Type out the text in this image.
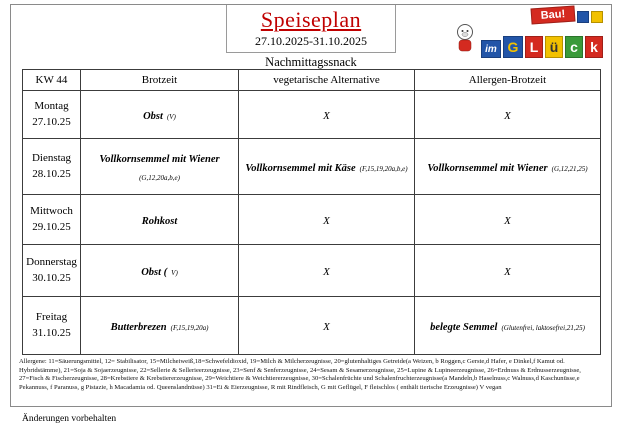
Speiseplan
27.10.2025-31.10.2025
Bau!
im G L ü c k
Nachmittagssnack
KW 44	Brotzeit	vegetarische Alternative	Allergen-Brotzeit

Montag
27.10.25	Obst (V)	X	X

Dienstag
28.10.25	Vollkornsemmel mit Wiener (G,12,20a,b,e)	Vollkornsemmel mit Käse (F,15,19,20a,b,e)	Vollkornsemmel mit Wiener (G,12,21,25)

Mittwoch
29.10.25	Rohkost	X	X

Donnerstag
30.10.25	Obst ( V)	X	X

Freitag
31.10.25	Butterbrezen (F,15,19,20a)	X	belegte Semmel (Glutenfrei, laktosefrei,21,25)
Allergene: 11=Säuerungsmittel, 12= Stabilisator, 15=Milcheiweiß,18=Schwefeldioxid, 19=Milch & Milcherzeugnisse, 20=glutenhaltiges Getreide(a Weizen, b Roggen,c Gerste,d Hafer, e Dinkel,f Kamut od. Hybridstämme), 21=Soja & Sojaerzeugnisse, 22=Sellerie & Sellerieerzeugnisse, 23=Senf & Senferzeugnisse, 24=Sesam & Sesamerzeugnisse, 25=Lupine & Lupineerzeugnisse, 26=Erdnuss & Erdnusserzeugnisse, 27=Fisch & Fischerzeugnisse, 28=Krebstiere & Krebstiererzeugnisse, 29=Weichtiere & Weichtiererzeugnisse, 30=Schalenfrüchte und Schalenfruchterzeugnisse(a Mandeln,b Haselnuss,c Walnuss,d Kaschunüsse,e Pekannuss, f Paranuss, g Pistazie, h Macadamia od. Queenslandnüsse) 31=Ei & Eierzeugnisse, R mit Rindfleisch, G mit Geflügel, F fleischlos ( enthält tierische Erzeugnisse) V vegan
Änderungen vorbehalten
